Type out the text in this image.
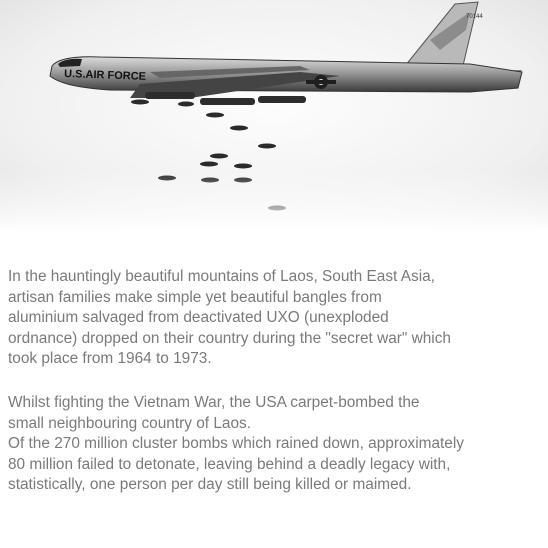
70144
U.S.AIR FORCE

In the hauntingly beautiful mountains of Laos, South East Asia,
artisan families make simple yet beautiful bangles from
aluminium salvaged from deactivated UXO (unexploded
ordnance) dropped on their country during the "secret war" which
took place from 1964 to 1973.

Whilst fighting the Vietnam War, the USA carpet-bombed the
small neighbouring country of Laos.
Of the 270 million cluster bombs which rained down, approximately
80 million failed to detonate, leaving behind a deadly legacy with,
statistically, one person per day still being killed or maimed.
